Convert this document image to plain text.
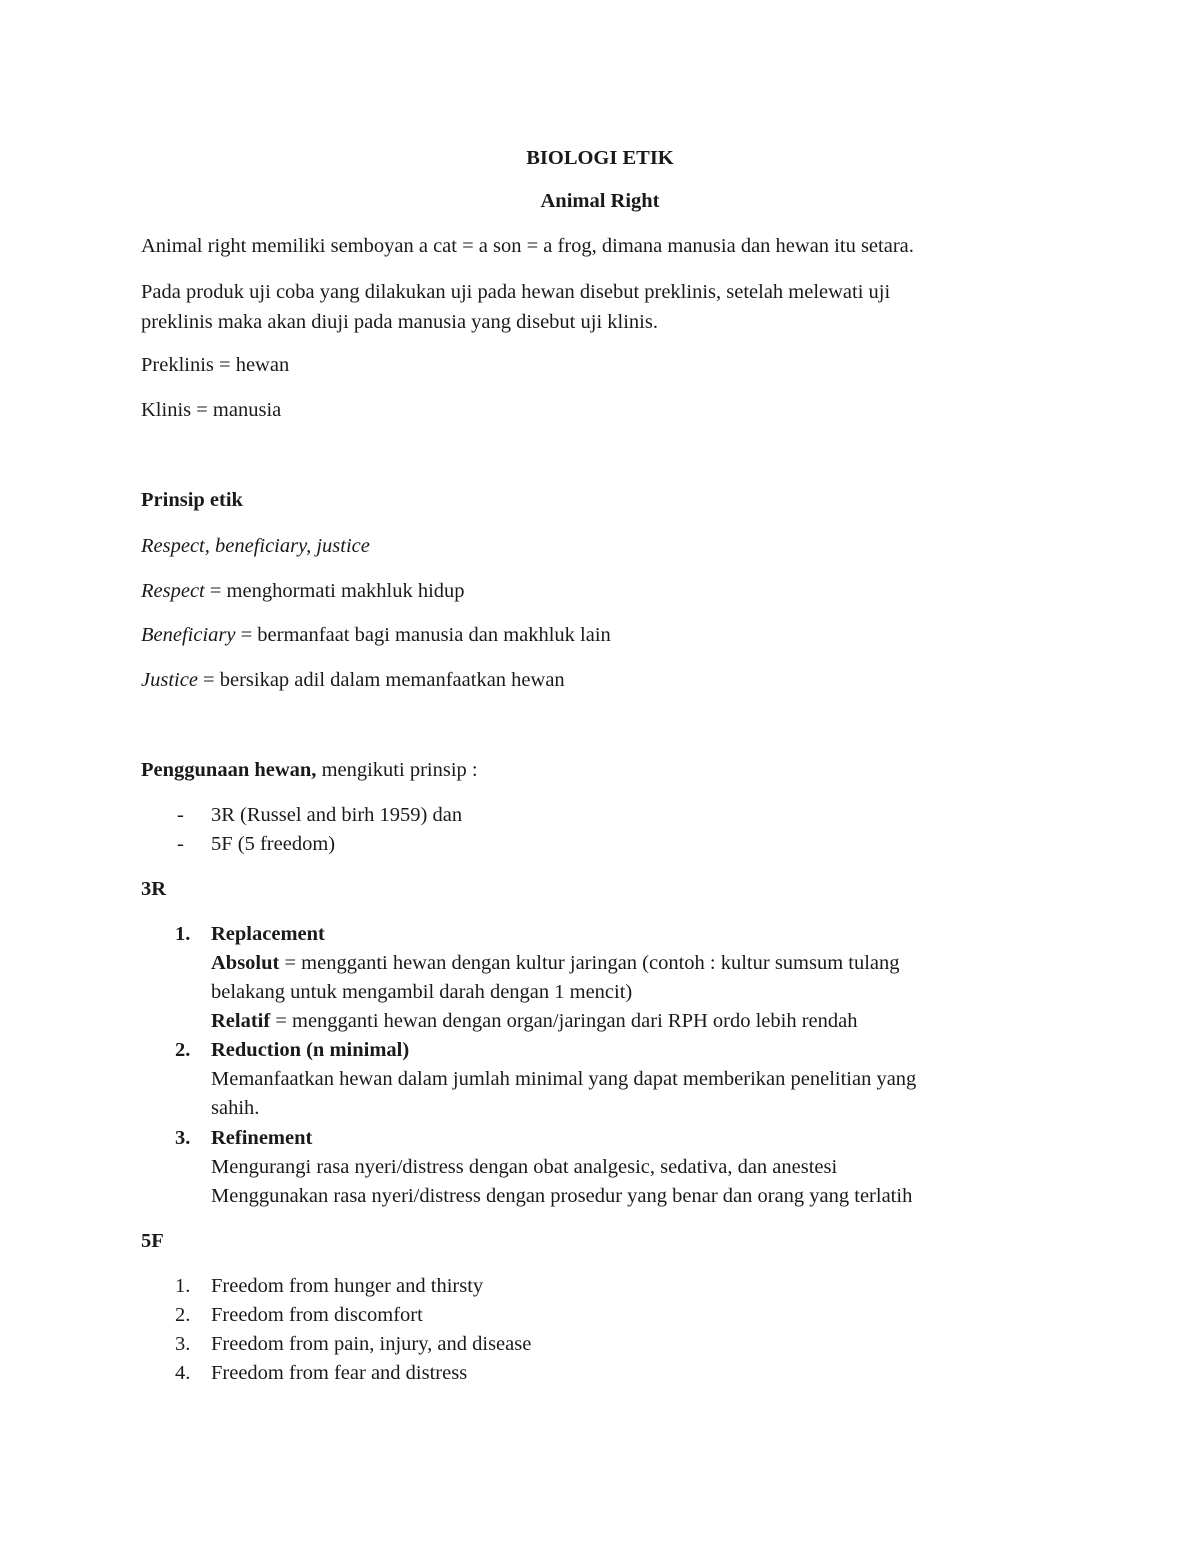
BIOLOGI ETIK
Animal Right
Animal right memiliki semboyan a cat = a son = a frog, dimana manusia dan hewan itu setara.
Pada produk uji coba yang dilakukan uji pada hewan disebut preklinis, setelah melewati uji
preklinis maka akan diuji pada manusia yang disebut uji klinis.
Preklinis = hewan
Klinis = manusia
Prinsip etik
Respect, beneficiary, justice
Respect = menghormati makhluk hidup
Beneficiary = bermanfaat bagi manusia dan makhluk lain
Justice = bersikap adil dalam memanfaatkan hewan
Penggunaan hewan, mengikuti prinsip :
- 3R (Russel and birh 1959) dan
- 5F (5 freedom)
3R
1. Replacement
Absolut = mengganti hewan dengan kultur jaringan (contoh : kultur sumsum tulang
belakang untuk mengambil darah dengan 1 mencit)
Relatif = mengganti hewan dengan organ/jaringan dari RPH ordo lebih rendah
2. Reduction (n minimal)
Memanfaatkan hewan dalam jumlah minimal yang dapat memberikan penelitian yang
sahih.
3. Refinement
Mengurangi rasa nyeri/distress dengan obat analgesic, sedativa, dan anestesi
Menggunakan rasa nyeri/distress dengan prosedur yang benar dan orang yang terlatih
5F
1. Freedom from hunger and thirsty
2. Freedom from discomfort
3. Freedom from pain, injury, and disease
4. Freedom from fear and distress
